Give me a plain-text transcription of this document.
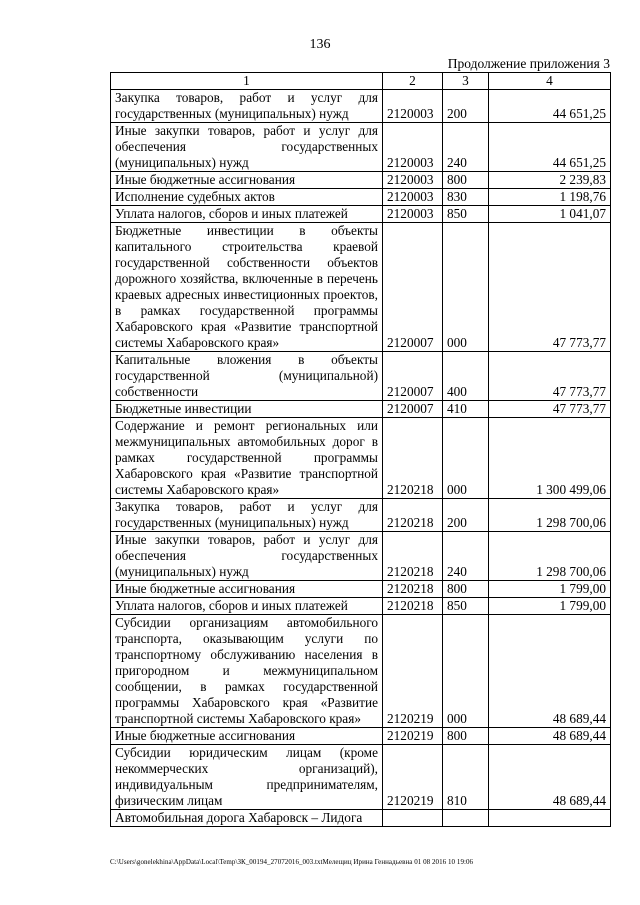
136
Продолжение приложения 3
1	2	3	4
Закупка товаров, работ и услуг для государственных (муниципальных) нужд	2120003	200	44 651,25
Иные закупки товаров, работ и услуг для обеспечения государственных (муниципальных) нужд	2120003	240	44 651,25
Иные бюджетные ассигнования	2120003	800	2 239,83
Исполнение судебных актов	2120003	830	1 198,76
Уплата налогов, сборов и иных платежей	2120003	850	1 041,07
Бюджетные инвестиции в объекты капитального строительства краевой государственной собственности объектов дорожного хозяйства, включенные в перечень краевых адресных инвестиционных проектов, в рамках государственной программы Хабаровского края «Развитие транспортной системы Хабаровского края»	2120007	000	47 773,77
Капитальные вложения в объекты государственной (муниципальной) собственности	2120007	400	47 773,77
Бюджетные инвестиции	2120007	410	47 773,77
Содержание и ремонт региональных или межмуниципальных автомобильных дорог в рамках государственной программы Хабаровского края «Развитие транспортной системы Хабаровского края»	2120218	000	1 300 499,06
Закупка товаров, работ и услуг для государственных (муниципальных) нужд	2120218	200	1 298 700,06
Иные закупки товаров, работ и услуг для обеспечения государственных (муниципальных) нужд	2120218	240	1 298 700,06
Иные бюджетные ассигнования	2120218	800	1 799,00
Уплата налогов, сборов и иных платежей	2120218	850	1 799,00
Субсидии организациям автомобильного транспорта, оказывающим услуги по транспортному обслуживанию населения в пригородном и межмуниципальном сообщении, в рамках государственной программы Хабаровского края «Развитие транспортной системы Хабаровского края»	2120219	000	48 689,44
Иные бюджетные ассигнования	2120219	800	48 689,44
Субсидии юридическим лицам (кроме некоммерческих организаций), индивидуальным предпринимателям, физическим лицам	2120219	810	48 689,44
Автомобильная дорога Хабаровск – Лидога			
C:\Users\gonelekhina\AppData\Local\Temp\ЗК_00194_27072016_003.txtМелещиц Ирина Геннадьевна 01 08 2016 10 19:06
